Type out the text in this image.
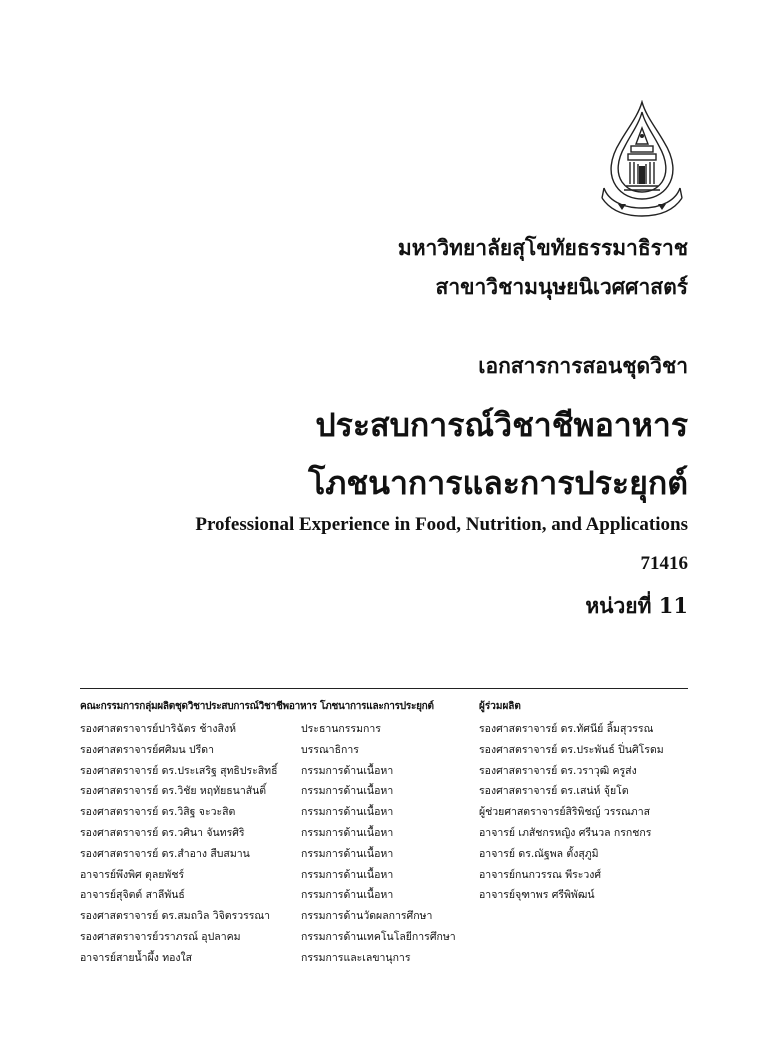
มหาวิทยาลัยสุโขทัยธรรมาธิราช
สาขาวิชามนุษยนิเวศศาสตร์
เอกสารการสอนชุดวิชา
ประสบการณ์วิชาชีพอาหาร
โภชนาการและการประยุกต์
Professional Experience in Food, Nutrition, and Applications
71416
หน่วยที่ 11
คณะกรรมการกลุ่มผลิตชุดวิชาประสบการณ์วิชาชีพอาหาร โภชนาการและการประยุกต์	ผู้ร่วมผลิต
รองศาสตราจารย์ปาริฉัตร ช้างสิงห์
รองศาสตราจารย์ศศิมน ปรีดา
รองศาสตราจารย์ ดร.ประเสริฐ สุทธิประสิทธิ์
รองศาสตราจารย์ ดร.วิชัย หฤทัยธนาสันติ์
รองศาสตราจารย์ ดร.วิสิฐ จะวะสิต
รองศาสตราจารย์ ดร.วศินา จันทรศิริ
รองศาสตราจารย์ ดร.สำอาง สืบสมาน
อาจารย์พึงพิศ ตุลยพัชร์
อาจารย์สุจิตต์ สาลีพันธ์
รองศาสตราจารย์ ดร.สมถวิล วิจิตรวรรณา
รองศาสตราจารย์วราภรณ์ อุปลาคม
อาจารย์สายน้ำผึ้ง ทองใส
ประธานกรรมการ
บรรณาธิการ
กรรมการด้านเนื้อหา
กรรมการด้านเนื้อหา
กรรมการด้านเนื้อหา
กรรมการด้านเนื้อหา
กรรมการด้านเนื้อหา
กรรมการด้านเนื้อหา
กรรมการด้านเนื้อหา
กรรมการด้านวัดผลการศึกษา
กรรมการด้านเทคโนโลยีการศึกษา
กรรมการและเลขานุการ
รองศาสตราจารย์ ดร.ทัศนีย์ ลิ้มสุวรรณ
รองศาสตราจารย์ ดร.ประพันธ์ ปิ่นศิโรดม
รองศาสตราจารย์ ดร.วราวุฒิ ครูส่ง
รองศาสตราจารย์ ดร.เสน่ห์ จุ้ยโต
ผู้ช่วยศาสตราจารย์สิริพิชญ์ วรรณภาส
อาจารย์ เภสัชกรหญิง ศรีนวล กรกชกร
อาจารย์ ดร.ณัฐพล ตั้งสุภูมิ
อาจารย์กนกวรรณ พีระวงศ์
อาจารย์จุฑาพร ศรีพิพัฒน์
